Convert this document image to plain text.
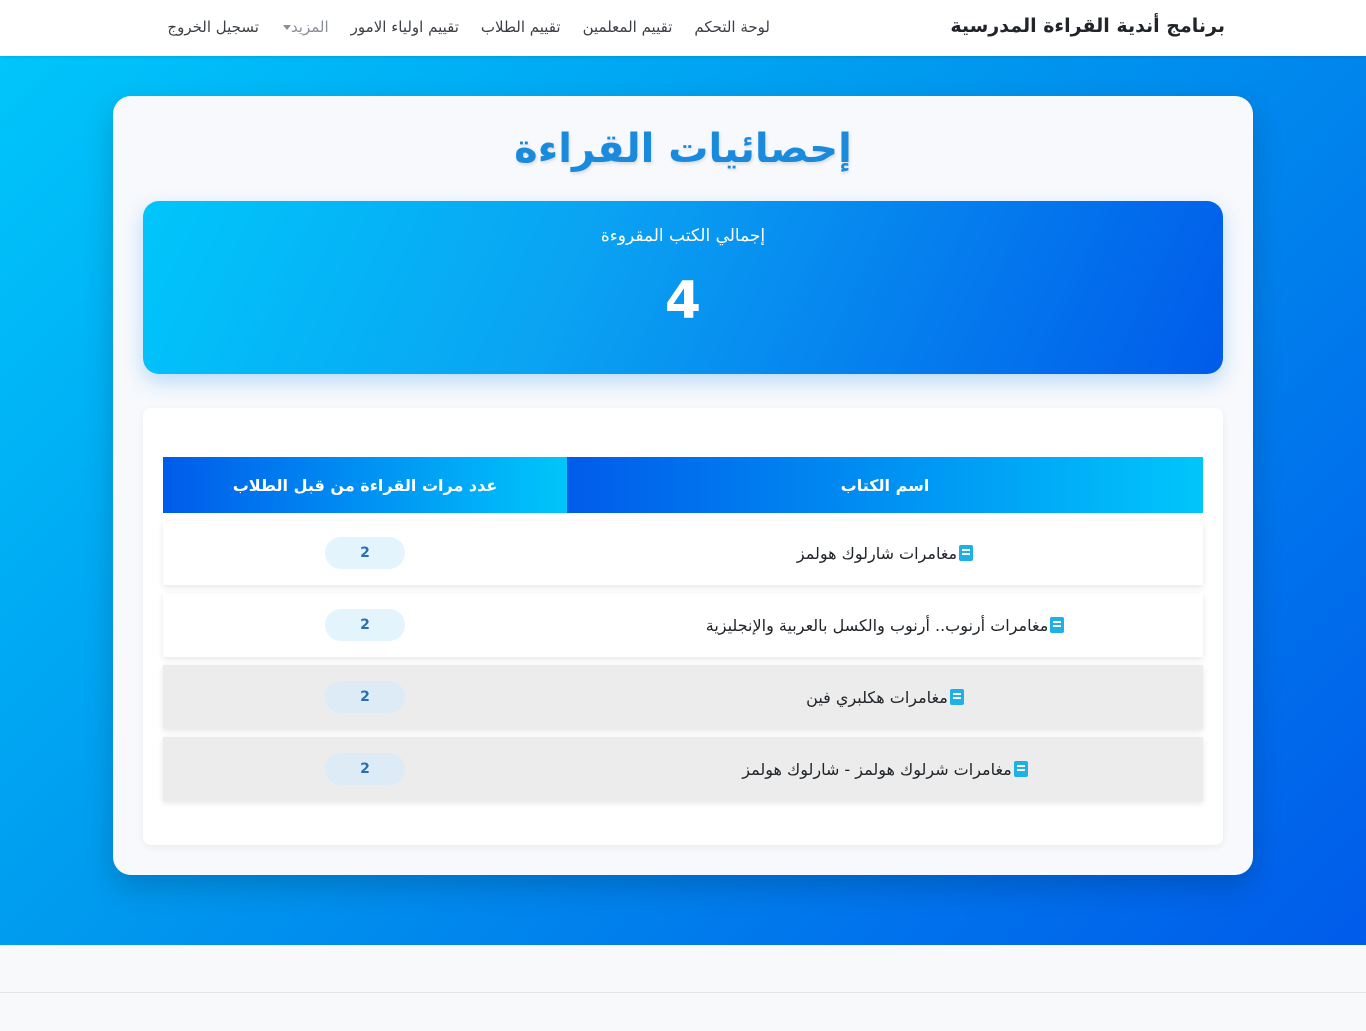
برنامج أندية القراءة المدرسية
لوحة التحكم
تقييم المعلمين
تقييم الطلاب
تقييم اولياء الامور
المزيد
تسجيل الخروج
إحصائيات القراءة
إجمالي الكتب المقروءة
4
اسم الكتاب
عدد مرات القراءة من قبل الطلاب
مغامرات شارلوك هولمز
2
مغامرات أرنوب.. أرنوب والكسل بالعربية والإنجليزية
2
مغامرات هكلبري فين
2
مغامرات شرلوك هولمز - شارلوك هولمز
2
